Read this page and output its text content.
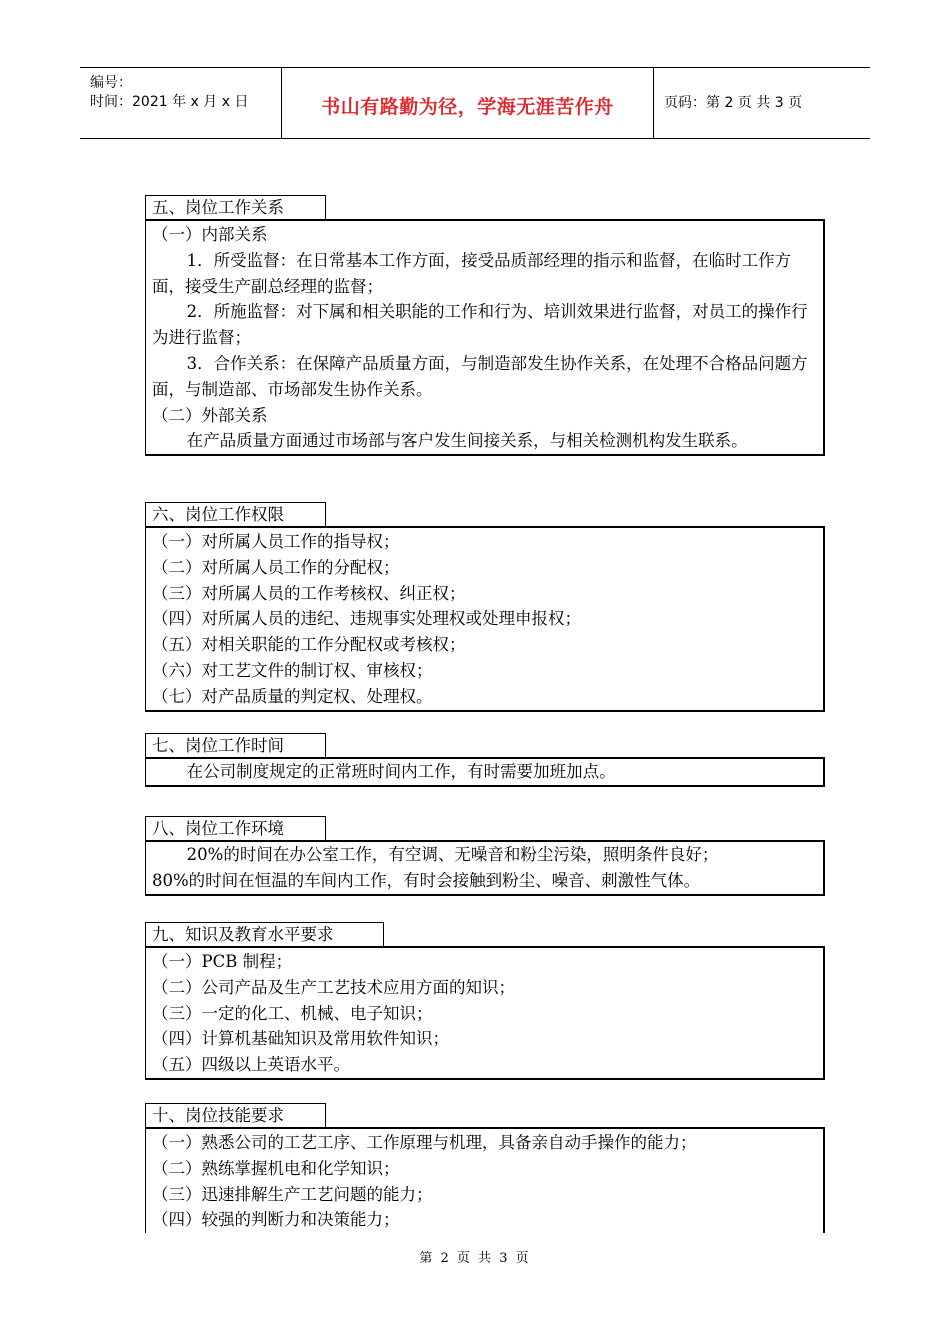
编号：
时间：2021 年 x 月 x 日	书山有路勤为径，学海无涯苦作舟	页码：第 2 页 共 3 页
五、岗位工作关系

（一）内部关系

1．所受监督：在日常基本工作方面，接受品质部经理的指示和监督，在临时工作方面，接受生产副总经理的监督；

2．所施监督：对下属和相关职能的工作和行为、培训效果进行监督，对员工的操作行为进行监督；

3．合作关系：在保障产品质量方面，与制造部发生协作关系，在处理不合格品问题方面，与制造部、市场部发生协作关系。

（二）外部关系

在产品质量方面通过市场部与客户发生间接关系，与相关检测机构发生联系。

六、岗位工作权限

（一）对所属人员工作的指导权；

（二）对所属人员工作的分配权；

（三）对所属人员的工作考核权、纠正权；

（四）对所属人员的违纪、违规事实处理权或处理申报权；

（五）对相关职能的工作分配权或考核权；

（六）对工艺文件的制订权、审核权；

（七）对产品质量的判定权、处理权。

七、岗位工作时间

在公司制度规定的正常班时间内工作，有时需要加班加点。

八、岗位工作环境

20%的时间在办公室工作，有空调、无噪音和粉尘污染，照明条件良好；

80%的时间在恒温的车间内工作，有时会接触到粉尘、噪音、刺激性气体。

九、知识及教育水平要求

（一）PCB 制程；

（二）公司产品及生产工艺技术应用方面的知识；

（三）一定的化工、机械、电子知识；

（四）计算机基础知识及常用软件知识；

（五）四级以上英语水平。

十、岗位技能要求

（一）熟悉公司的工艺工序、工作原理与机理，具备亲自动手操作的能力；

（二）熟练掌握机电和化学知识；

（三）迅速排解生产工艺问题的能力；

（四）较强的判断力和决策能力；

第 2 页 共 3 页
